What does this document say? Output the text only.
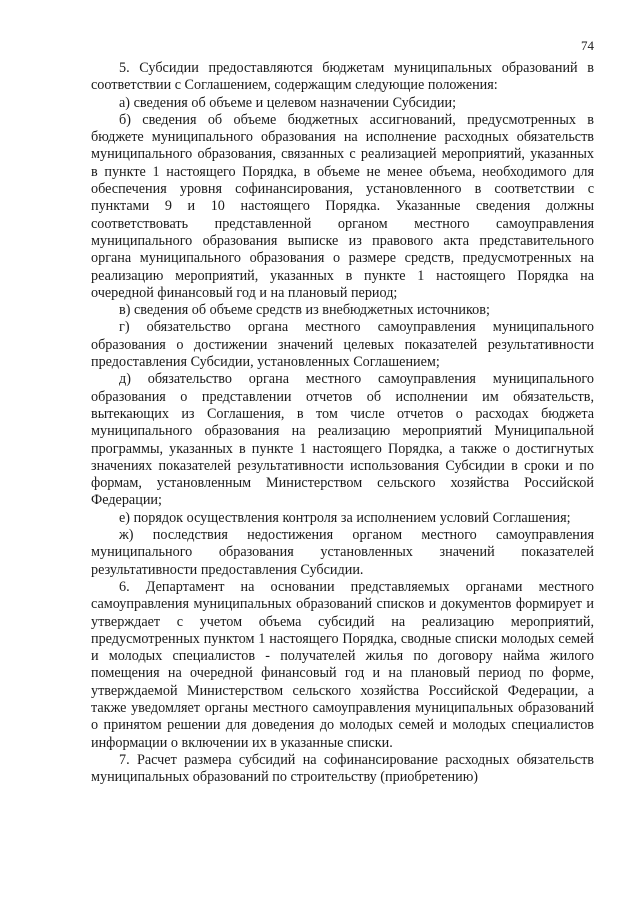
74

5. Субсидии предоставляются бюджетам муниципальных образований в соответствии с Соглашением, содержащим следующие положения:

а) сведения об объеме и целевом назначении Субсидии;

б) сведения об объеме бюджетных ассигнований, предусмотренных в бюджете муниципального образования на исполнение расходных обязательств муниципального образования, связанных с реализацией мероприятий, указанных в пункте 1 настоящего Порядка, в объеме не менее объема, необходимого для обеспечения уровня софинансирования, установленного в соответствии с пунктами 9 и 10 настоящего Порядка. Указанные сведения должны соответствовать представленной органом местного самоуправления муниципального образования выписке из правового акта представительного органа муниципального образования о размере средств, предусмотренных на реализацию мероприятий, указанных в пункте 1 настоящего Порядка на очередной финансовый год и на плановый период;

в) сведения об объеме средств из внебюджетных источников;

г) обязательство органа местного самоуправления муниципального образования о достижении значений целевых показателей результативности предоставления Субсидии, установленных Соглашением;

д) обязательство органа местного самоуправления муниципального образования о представлении отчетов об исполнении им обязательств, вытекающих из Соглашения, в том числе отчетов о расходах бюджета муниципального образования на реализацию мероприятий Муниципальной программы, указанных в пункте 1 настоящего Порядка, а также о достигнутых значениях показателей результативности использования Субсидии в сроки и по формам, установленным Министерством сельского хозяйства Российской Федерации;

е) порядок осуществления контроля за исполнением условий Соглашения;

ж) последствия недостижения органом местного самоуправления муниципального образования установленных значений показателей результативности предоставления Субсидии.

6. Департамент на основании представляемых органами местного самоуправления муниципальных образований списков и документов формирует и утверждает с учетом объема субсидий на реализацию мероприятий, предусмотренных пунктом 1 настоящего Порядка, сводные списки молодых семей и молодых специалистов - получателей жилья по договору найма жилого помещения на очередной финансовый год и на плановый период по форме, утверждаемой Министерством сельского хозяйства Российской Федерации, а также уведомляет органы местного самоуправления муниципальных образований о принятом решении для доведения до молодых семей и молодых специалистов информации о включении их в указанные списки.

7. Расчет размера субсидий на софинансирование расходных обязательств муниципальных образований по строительству (приобретению)
